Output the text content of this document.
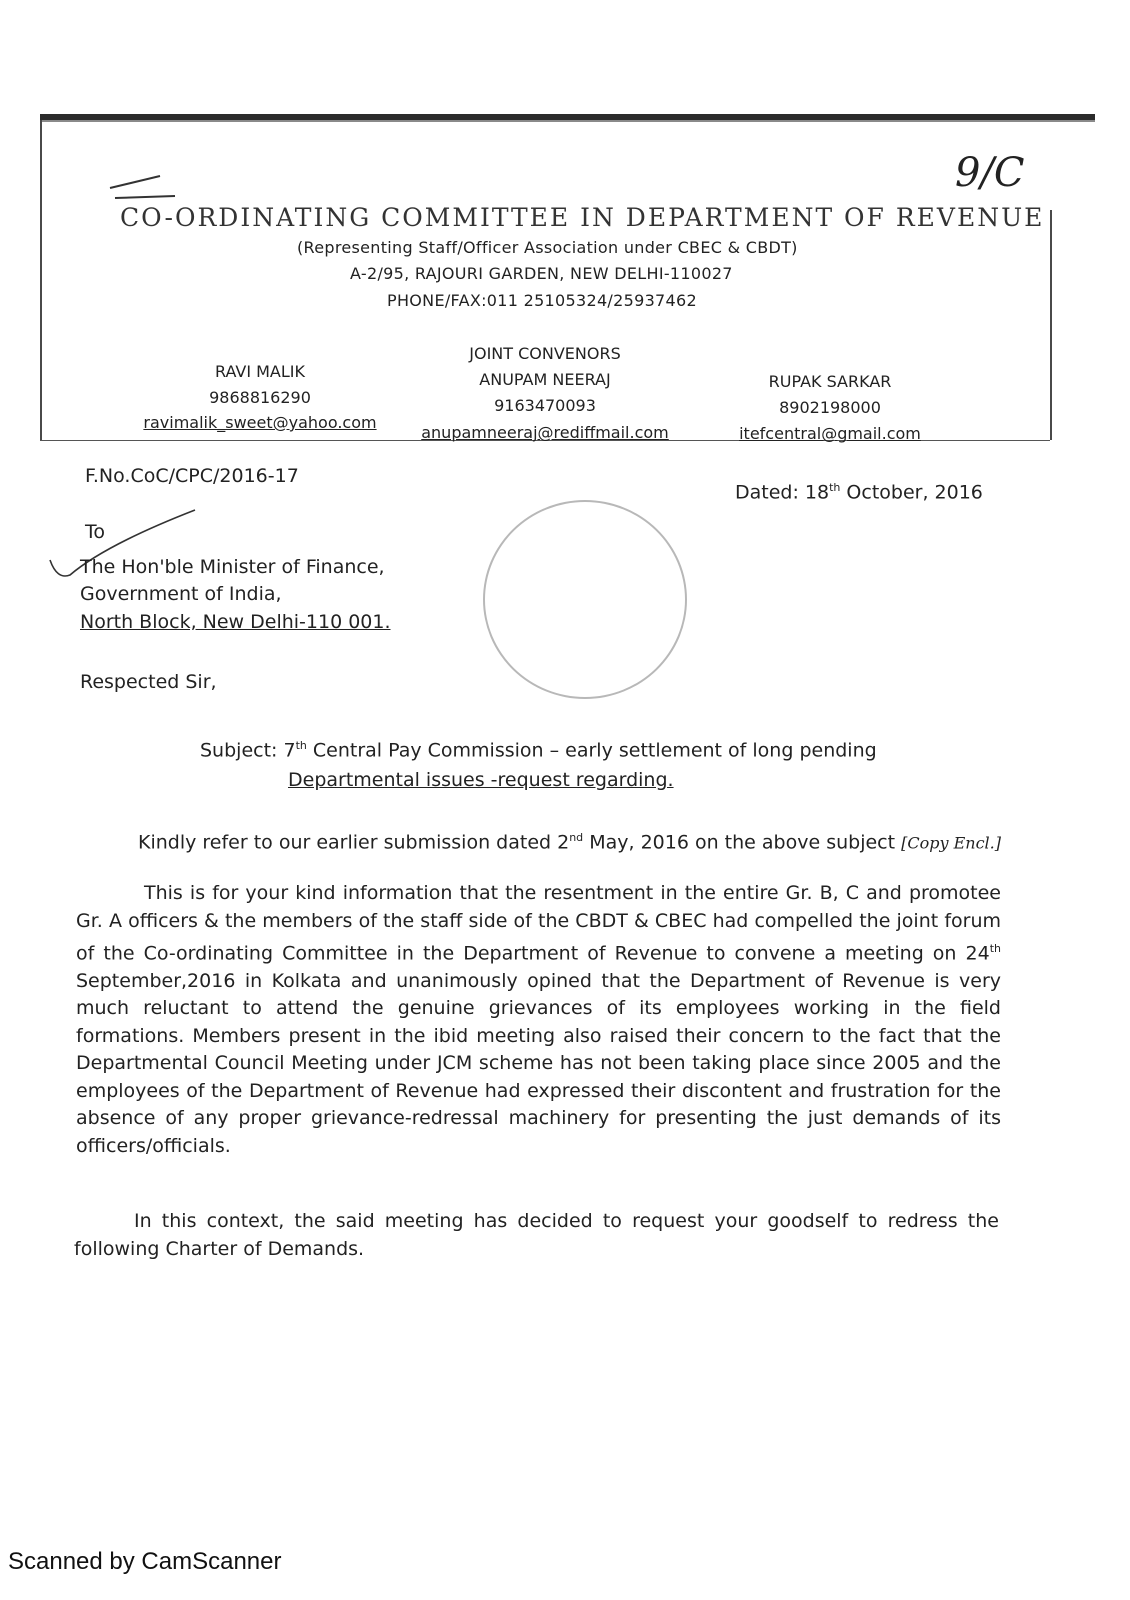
9/C
CO-ORDINATING COMMITTEE IN DEPARTMENT OF REVENUE
(Representing Staff/Officer Association under CBEC & CBDT)
A-2/95, RAJOURI GARDEN, NEW DELHI-110027
PHONE/FAX:011 25105324/25937462
JOINT CONVENORS
RAVI MALIK
9868816290
ravimalik_sweet@yahoo.com
ANUPAM NEERAJ
9163470093
anupamneeraj@rediffmail.com
RUPAK SARKAR
8902198000
itefcentral@gmail.com
F.No.CoC/CPC/2016-17
Dated: 18th October, 2016
To
The Hon'ble Minister of Finance,
Government of India,
North Block, New Delhi-110 001.
Respected Sir,
Subject: 7th Central Pay Commission – early settlement of long pending
Departmental issues -request regarding.
Kindly refer to our earlier submission dated 2nd May, 2016 on the above subject [Copy Encl.]
This is for your kind information that the resentment in the entire Gr. B, C and promotee Gr. A officers & the members of the staff side of the CBDT & CBEC had compelled the joint forum of the Co-ordinating Committee in the Department of Revenue to convene a meeting on 24th September,2016 in Kolkata and unanimously opined that the Department of Revenue is very much reluctant to attend the genuine grievances of its employees working in the field formations. Members present in the ibid meeting also raised their concern to the fact that the Departmental Council Meeting under JCM scheme has not been taking place since 2005 and the employees of the Department of Revenue had expressed their discontent and frustration for the absence of any proper grievance-redressal machinery for presenting the just demands of its officers/officials.
In this context, the said meeting has decided to request your goodself to redress the following Charter of Demands.
Scanned by CamScanner
